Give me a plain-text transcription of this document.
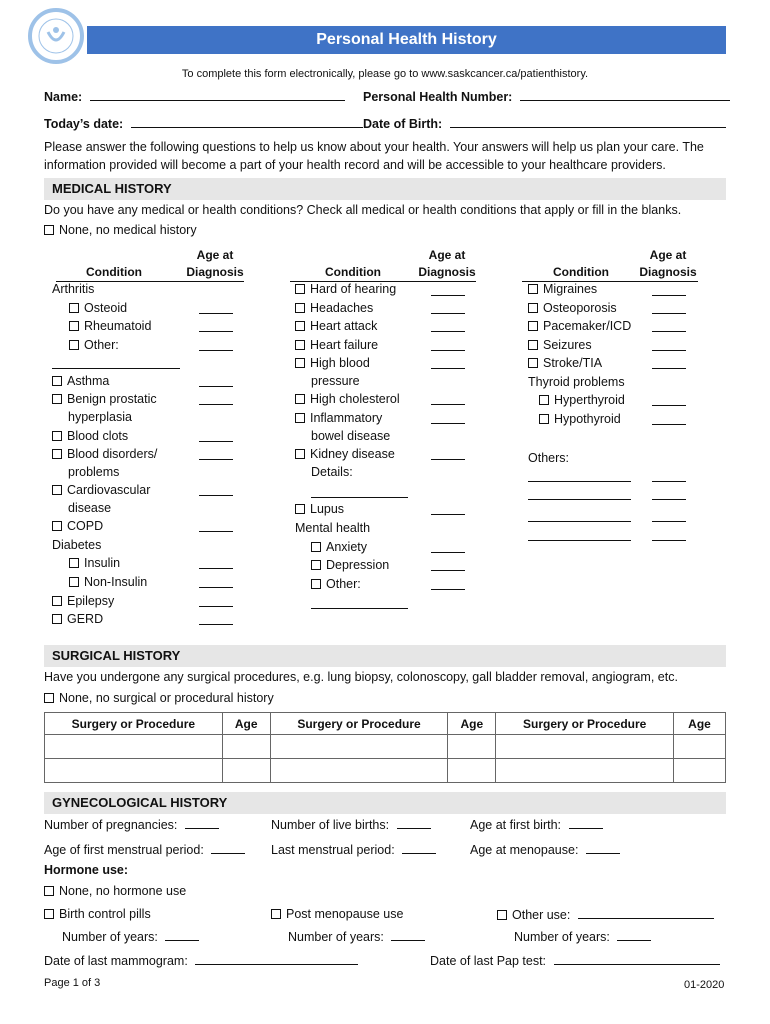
Personal Health History
To complete this form electronically, please go to www.saskcancer.ca/patienthistory.
Name:	Personal Health Number:
Today’s date:	Date of Birth:
Please answer the following questions to help us know about your health. Your answers will help us plan your care. The information provided will become a part of your health record and will be accessible to your healthcare providers.
MEDICAL HISTORY
Do you have any medical or health conditions? Check all medical or health conditions that apply or fill in the blanks.
None, no medical history
Condition
Age at
Diagnosis	Condition
Age at
Diagnosis	Condition
Age at
Diagnosis
Arthritis
Osteoid
Rheumatoid
Other:
Asthma
Benign prostatic
hyperplasia
Blood clots
Blood disorders/
problems
Cardiovascular
disease
COPD
Diabetes
Insulin
Non-Insulin
Epilepsy
GERD
Hard of hearing
Headaches
Heart attack
Heart failure
High blood
pressure
High cholesterol
Inflammatory
bowel disease
Kidney disease
Details:
Lupus
Mental health
Anxiety
Depression
Other:
Migraines
Osteoporosis
Pacemaker/ICD
Seizures
Stroke/TIA
Thyroid problems
Hyperthyroid
Hypothyroid
Others:
SURGICAL HISTORY
Have you undergone any surgical procedures, e.g. lung biopsy, colonoscopy, gall bladder removal, angiogram, etc.
None, no surgical or procedural history
Surgery or Procedure	Age	Surgery or Procedure	Age	Surgery or Procedure	Age

GYNECOLOGICAL HISTORY
Number of pregnancies:	Number of live births:	Age at first birth:
Age of first menstrual period:	Last menstrual period:	Age at menopause:
Hormone use:
None, no hormone use
Birth control pills	Post menopause use	Other use:
Number of years:	Number of years:	Number of years:
Date of last mammogram:	Date of last Pap test:
Page 1 of 3	01-2020
